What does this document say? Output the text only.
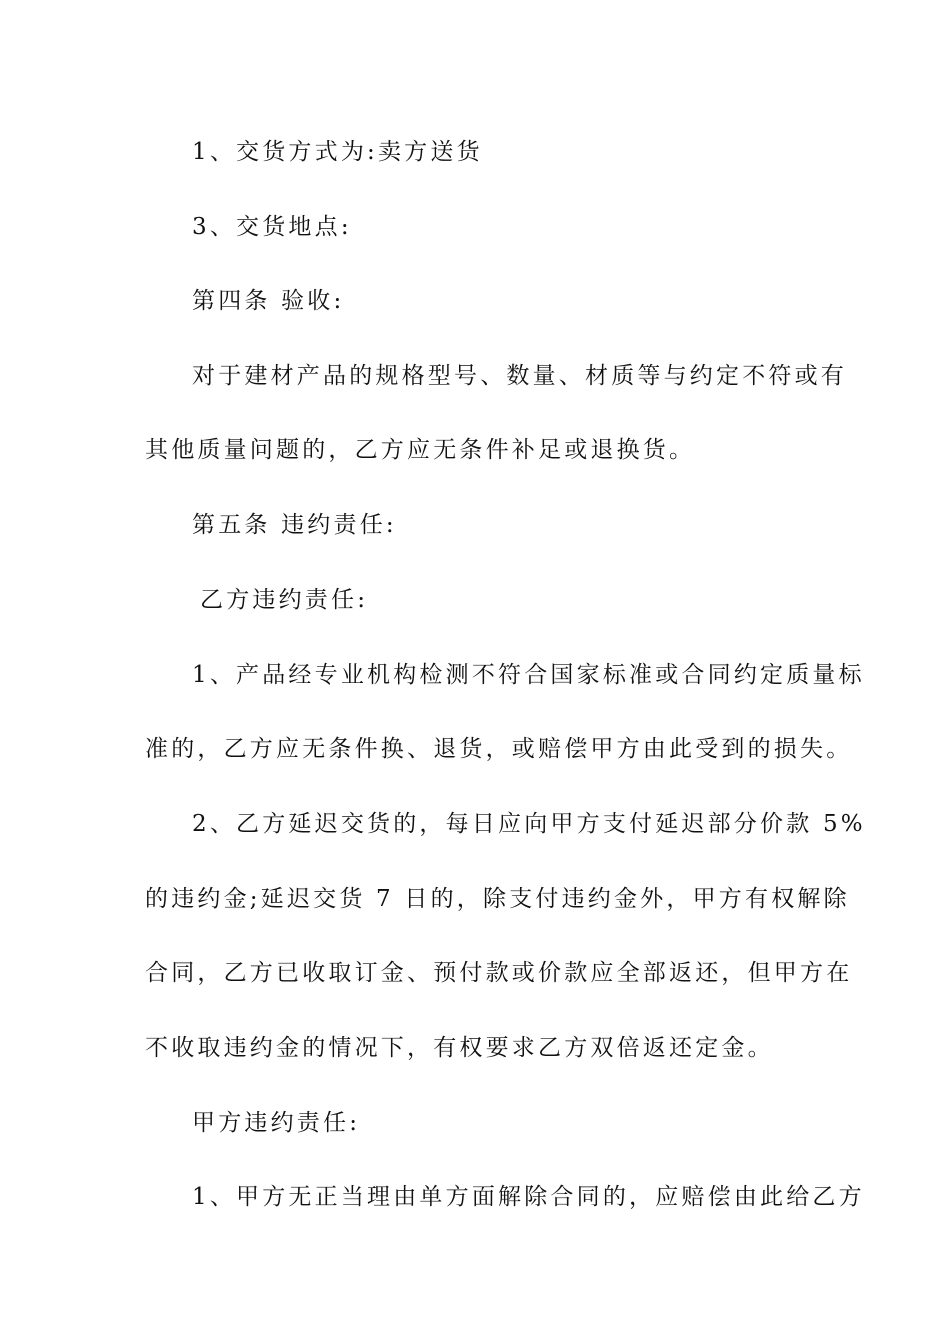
1、交货方式为:卖方送货
3、交货地点:
第四条 验收:
对于建材产品的规格型号、数量、材质等与约定不符或有
其他质量问题的，乙方应无条件补足或退换货。
第五条 违约责任:
乙方违约责任:
1、产品经专业机构检测不符合国家标准或合同约定质量标
准的，乙方应无条件换、退货，或赔偿甲方由此受到的损失。
2、乙方延迟交货的，每日应向甲方支付延迟部分价款 5%
的违约金;延迟交货 7 日的，除支付违约金外，甲方有权解除
合同，乙方已收取订金、预付款或价款应全部返还，但甲方在
不收取违约金的情况下，有权要求乙方双倍返还定金。
甲方违约责任:
1、甲方无正当理由单方面解除合同的，应赔偿由此给乙方
